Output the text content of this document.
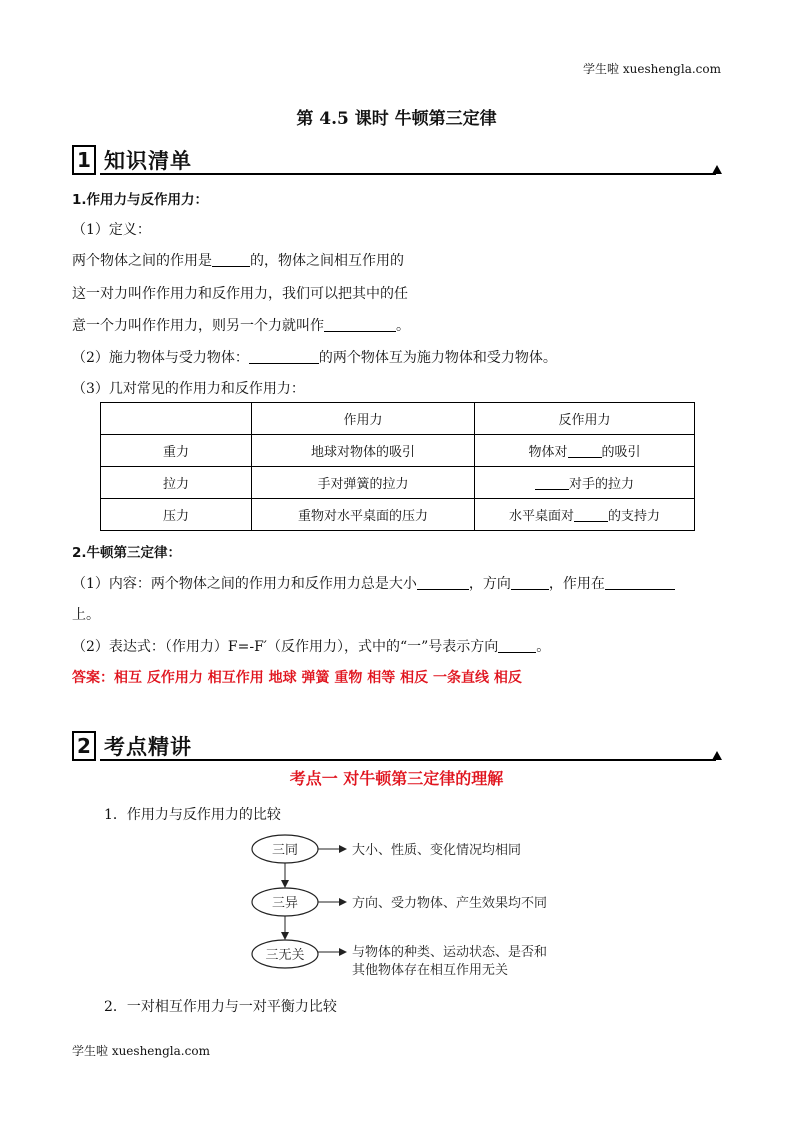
学生啦 xueshengla.com
第 4.5 课时 牛顿第三定律
1 知识清单
1.作用力与反作用力：
（1）定义：
两个物体之间的作用是	的，物体之间相互作用的
这一对力叫作作用力和反作用力，我们可以把其中的任
意一个力叫作作用力，则另一个力就叫作	。
（2）施力物体与受力物体：	的两个物体互为施力物体和受力物体。
（3）几对常见的作用力和反作用力：
	作用力	反作用力
重力	地球对物体的吸引	物体对 的吸引
拉力	手对弹簧的拉力	对手的拉力
压力	重物对水平桌面的压力	水平桌面对 的支持力
2.牛顿第三定律：
（1）内容：两个物体之间的作用力和反作用力总是大小	，方向	，作用在
上。
（2）表达式：（作用力）F=-F′（反作用力），式中的“一”号表示方向	。
答案：相互 反作用力 相互作用 地球 弹簧 重物 相等 相反 一条直线 相反
2 考点精讲
考点一 对牛顿第三定律的理解
1．作用力与反作用力的比较
三同
三异
三无关
大小、性质、变化情况均相同
方向、受力物体、产生效果均不同
与物体的种类、运动状态、是否和
其他物体存在相互作用无关
2．一对相互作用力与一对平衡力比较
学生啦 xueshengla.com
